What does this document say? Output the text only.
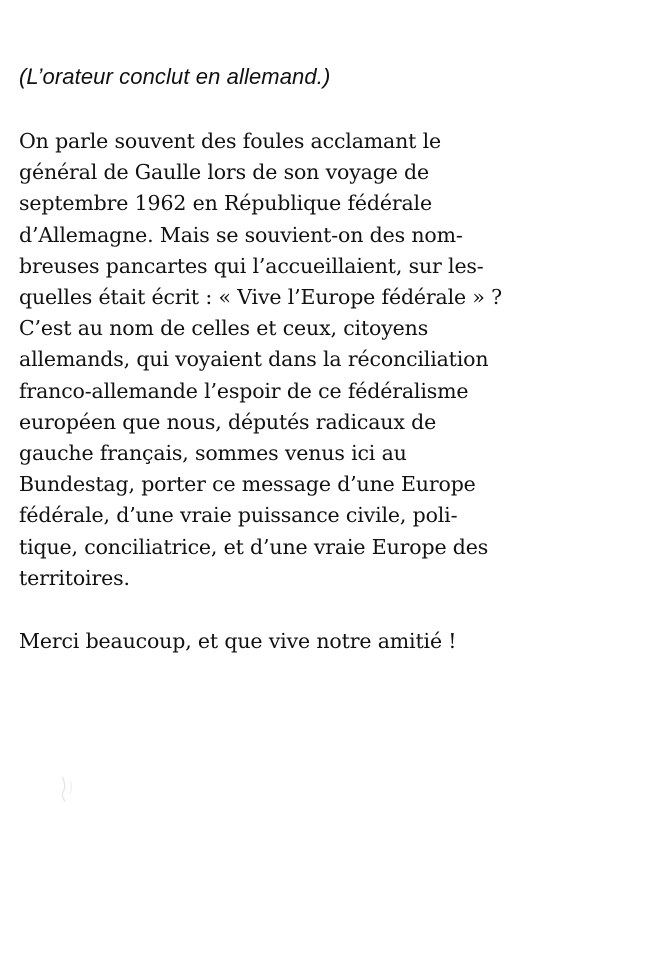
(L’orateur conclut en allemand.)

On parle souvent des foules acclamant le
général de Gaulle lors de son voyage de
septembre 1962 en République fédérale
d’Allemagne. Mais se souvient-on des nom-
breuses pancartes qui l’accueillaient, sur les-
quelles était écrit : « Vive l’Europe fédérale » ?
C’est au nom de celles et ceux, citoyens
allemands, qui voyaient dans la réconciliation
franco-allemande l’espoir de ce fédéralisme
européen que nous, députés radicaux de
gauche français, sommes venus ici au
Bundestag, porter ce message d’une Europe
fédérale, d’une vraie puissance civile, poli-
tique, conciliatrice, et d’une vraie Europe des
territoires.

Merci beaucoup, et que vive notre amitié !
